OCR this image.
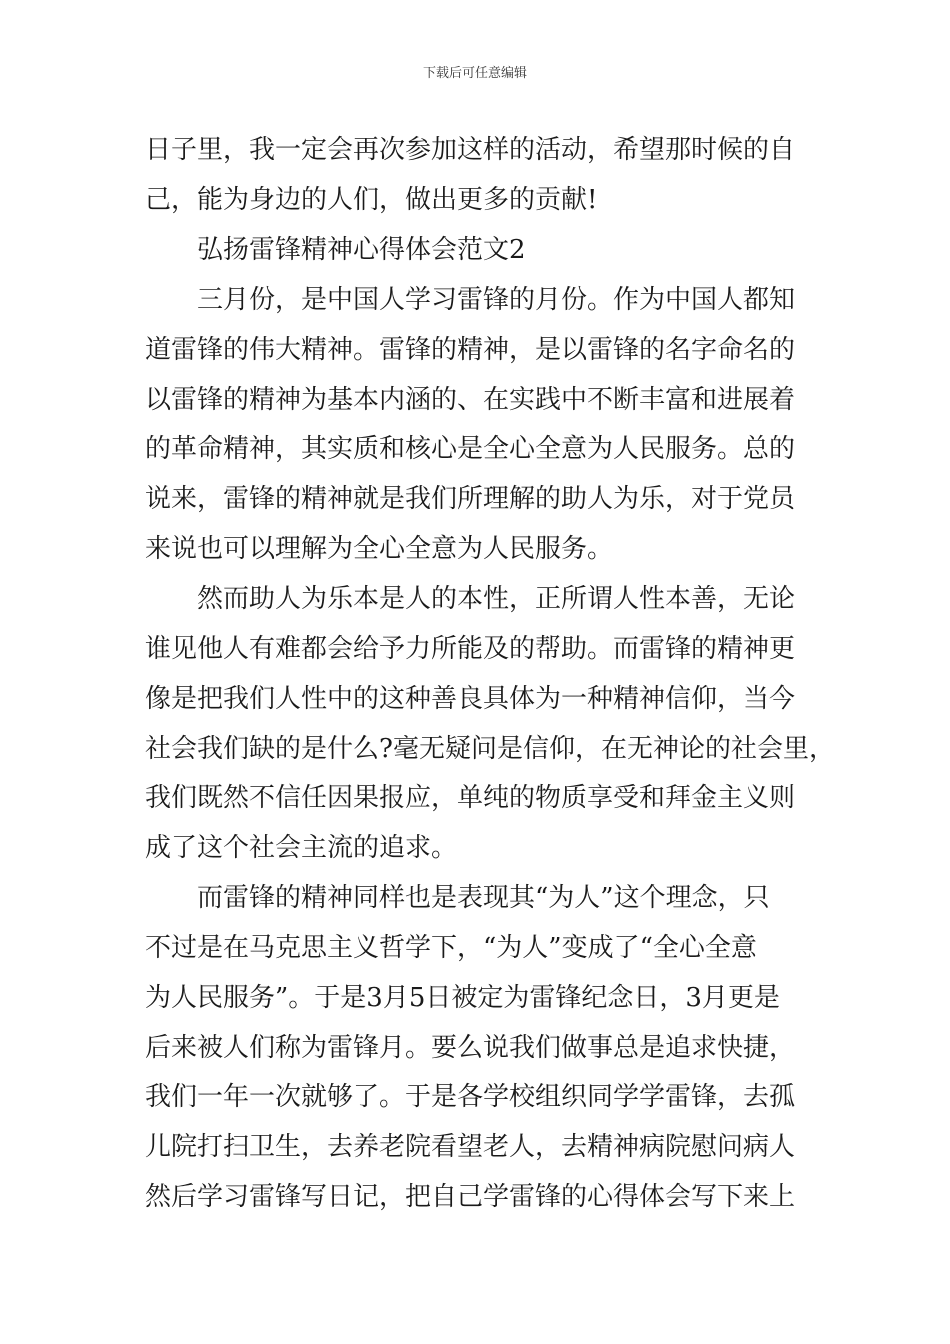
下载后可任意编辑
日子里，我一定会再次参加这样的活动，希望那时候的自
己，能为身边的人们，做出更多的贡献!
弘扬雷锋精神心得体会范文2
三月份，是中国人学习雷锋的月份。作为中国人都知
道雷锋的伟大精神。雷锋的精神，是以雷锋的名字命名的
以雷锋的精神为基本内涵的、在实践中不断丰富和进展着
的革命精神，其实质和核心是全心全意为人民服务。总的
说来，雷锋的精神就是我们所理解的助人为乐，对于党员
来说也可以理解为全心全意为人民服务。
然而助人为乐本是人的本性，正所谓人性本善，无论
谁见他人有难都会给予力所能及的帮助。而雷锋的精神更
像是把我们人性中的这种善良具体为一种精神信仰，当今
社会我们缺的是什么?毫无疑问是信仰，在无神论的社会里，
我们既然不信任因果报应，单纯的物质享受和拜金主义则
成了这个社会主流的追求。
而雷锋的精神同样也是表现其“为人”这个理念，只
不过是在马克思主义哲学下，“为人”变成了“全心全意
为人民服务”。于是3月5日被定为雷锋纪念日，3月更是
后来被人们称为雷锋月。要么说我们做事总是追求快捷，
我们一年一次就够了。于是各学校组织同学学雷锋，去孤
儿院打扫卫生，去养老院看望老人，去精神病院慰问病人
然后学习雷锋写日记，把自己学雷锋的心得体会写下来上
